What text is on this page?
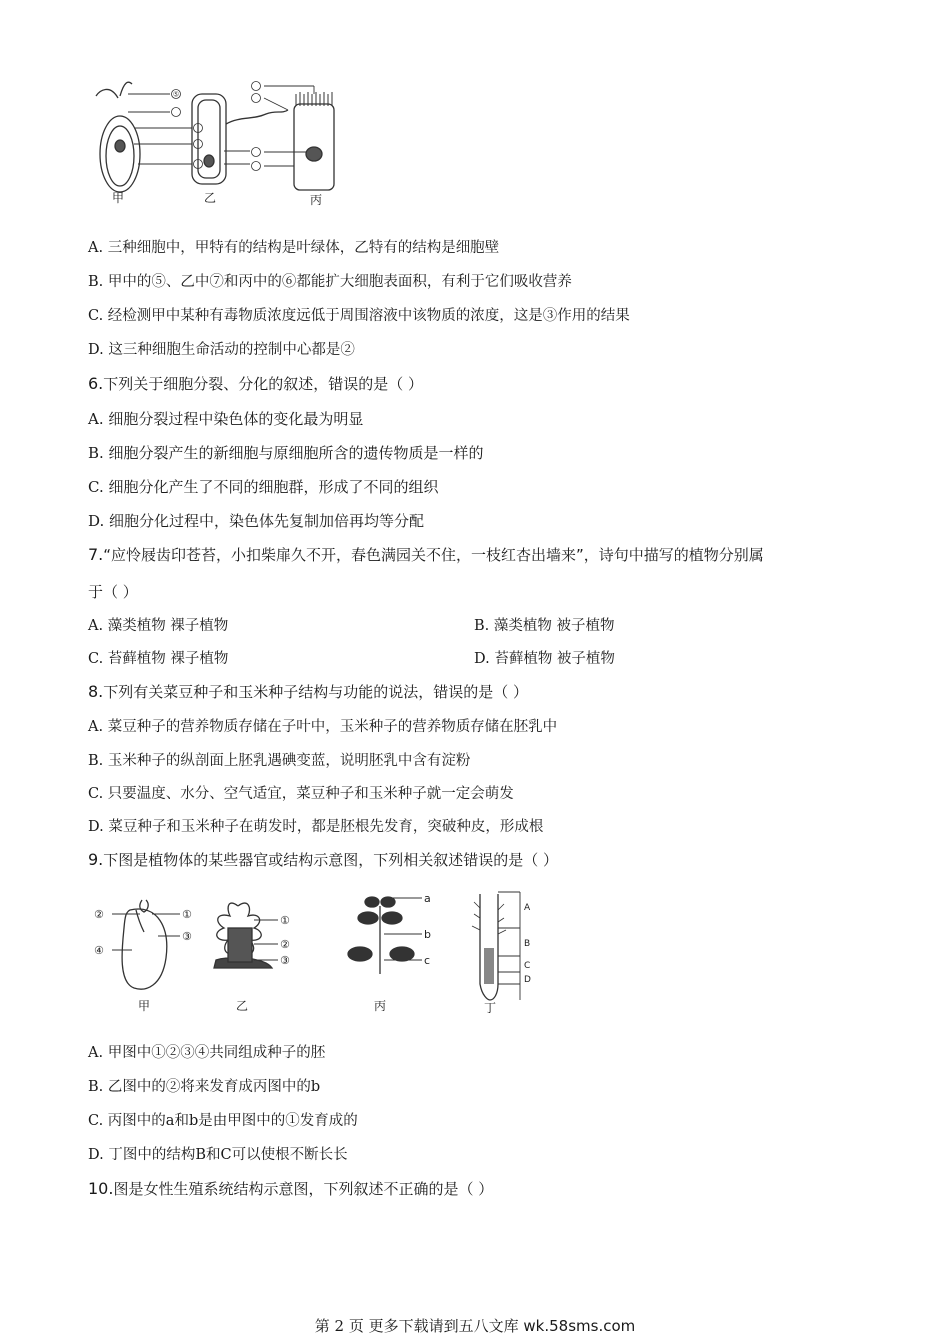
⑤
甲	乙	丙
A. 三种细胞中，甲特有的结构是叶绿体，乙特有的结构是细胞壁
B. 甲中的⑤、乙中⑦和丙中的⑥都能扩大细胞表面积，有利于它们吸收营养
C. 经检测甲中某种有毒物质浓度远低于周围溶液中该物质的浓度，这是③作用的结果
D. 这三种细胞生命活动的控制中心都是②
6.下列关于细胞分裂、分化的叙述，错误的是（ ）
A. 细胞分裂过程中染色体的变化最为明显
B. 细胞分裂产生的新细胞与原细胞所含的遗传物质是一样的
C. 细胞分化产生了不同的细胞群，形成了不同的组织
D. 细胞分化过程中，染色体先复制加倍再均等分配
7.“应怜屐齿印苍苔，小扣柴扉久不开，春色满园关不住，一枝红杏出墙来”，诗句中描写的植物分别属
于（ ）
A. 藻类植物 裸子植物	B. 藻类植物 被子植物
C. 苔藓植物 裸子植物	D. 苔藓植物 被子植物
8.下列有关菜豆种子和玉米种子结构与功能的说法，错误的是（ ）
A. 菜豆种子的营养物质存储在子叶中，玉米种子的营养物质存储在胚乳中
B. 玉米种子的纵剖面上胚乳遇碘变蓝，说明胚乳中含有淀粉
C. 只要温度、水分、空气适宜，菜豆种子和玉米种子就一定会萌发
D. 菜豆种子和玉米种子在萌发时，都是胚根先发育，突破种皮，形成根
9.下图是植物体的某些器官或结构示意图，下列相关叙述错误的是（ ）
②	①
③
④
①
②
③
a
b
c
A
B
C
D
甲	乙	丙	丁
A. 甲图中①②③④共同组成种子的胚
B. 乙图中的②将来发育成丙图中的b
C. 丙图中的a和b是由甲图中的①发育成的
D. 丁图中的结构B和C可以使根不断长长
10.图是女性生殖系统结构示意图，下列叙述不正确的是（ ）
第 2 页 更多下载请到五八文库 wk.58sms.com
